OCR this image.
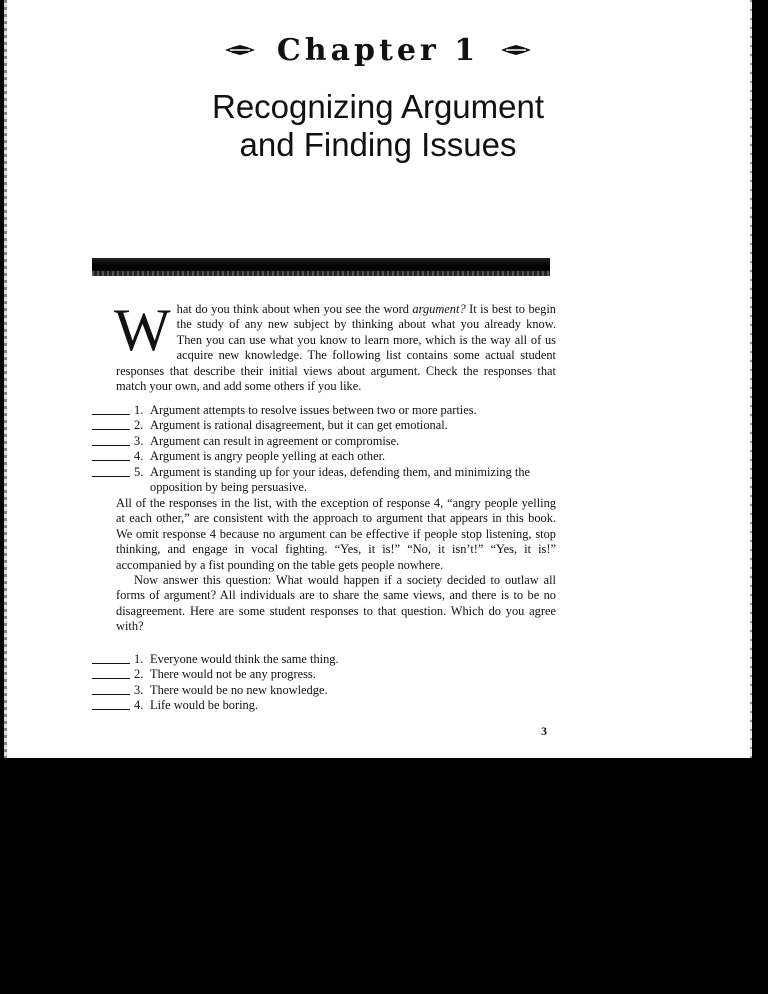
Chapter 1
Recognizing Argument
and Finding Issues

What do you think about when you see the word argument? It is best to begin the study of any new subject by thinking about what you already know. Then you can use what you know to learn more, which is the way all of us acquire new knowledge. The following list contains some actual student responses that describe their initial views about argument. Check the responses that match your own, and add some others if you like.

1. Argument attempts to resolve issues between two or more parties.
2. Argument is rational disagreement, but it can get emotional.
3. Argument can result in agreement or compromise.
4. Argument is angry people yelling at each other.
5. Argument is standing up for your ideas, defending them, and minimizing the opposition by being persuasive.

All of the responses in the list, with the exception of response 4, “angry people yelling at each other,” are consistent with the approach to argument that appears in this book. We omit response 4 because no argument can be effective if people stop listening, stop thinking, and engage in vocal fighting. “Yes, it is!” “No, it isn’t!” “Yes, it is!” accompanied by a fist pounding on the table gets people nowhere.

Now answer this question: What would happen if a society decided to outlaw all forms of argument? All individuals are to share the same views, and there is to be no disagreement. Here are some student responses to that question. Which do you agree with?

1. Everyone would think the same thing.
2. There would not be any progress.
3. There would be no new knowledge.
4. Life would be boring.
3
